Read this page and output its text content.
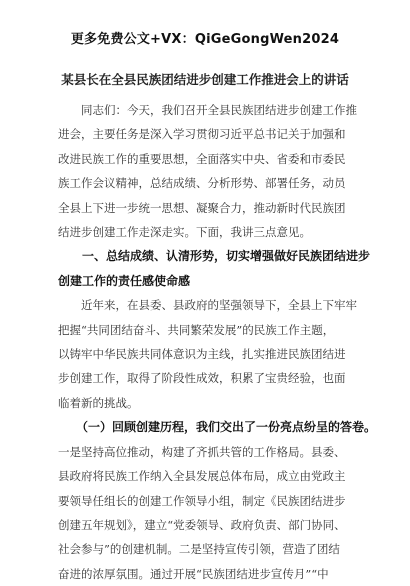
更多免费公文+VX：QiGeGongWen2024
某县长在全县民族团结进步创建工作推进会上的讲话

　　同志们：今天，我们召开全县民族团结进步创建工作推
进会，主要任务是深入学习贯彻习近平总书记关于加强和
改进民族工作的重要思想，全面落实中央、省委和市委民
族工作会议精神，总结成绩、分析形势、部署任务，动员
全县上下进一步统一思想、凝聚合力，推动新时代民族团
结进步创建工作走深走实。下面，我讲三点意见。

　　一、总结成绩、认清形势，切实增强做好民族团结进步
创建工作的责任感使命感

　　近年来，在县委、县政府的坚强领导下，全县上下牢牢
把握“共同团结奋斗、共同繁荣发展”的民族工作主题，
以铸牢中华民族共同体意识为主线，扎实推进民族团结进
步创建工作，取得了阶段性成效，积累了宝贵经验，也面
临着新的挑战。

　　（一）回顾创建历程，我们交出了一份亮点纷呈的答卷。

一是坚持高位推动，构建了齐抓共管的工作格局。县委、
县政府将民族工作纳入全县发展总体布局，成立由党政主
要领导任组长的创建工作领导小组，制定《民族团结进步
创建五年规划》，建立“党委领导、政府负责、部门协同、
社会参与”的创建机制。二是坚持宣传引领，营造了团结
奋进的浓厚氛围。通过开展“民族团结进步宣传月”“中
